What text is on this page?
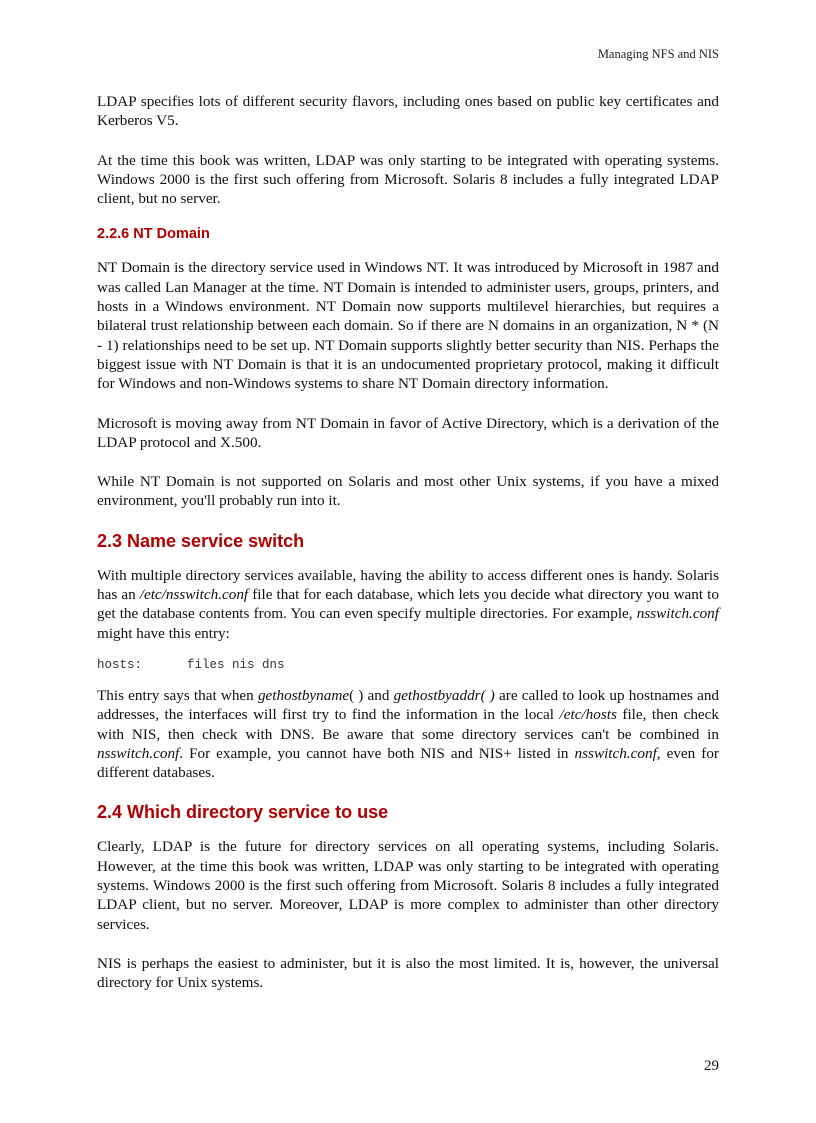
Managing NFS and NIS

LDAP specifies lots of different security flavors, including ones based on public key certificates and Kerberos V5.

At the time this book was written, LDAP was only starting to be integrated with operating systems. Windows 2000 is the first such offering from Microsoft. Solaris 8 includes a fully integrated LDAP client, but no server.

2.2.6 NT Domain

NT Domain is the directory service used in Windows NT. It was introduced by Microsoft in 1987 and was called Lan Manager at the time. NT Domain is intended to administer users, groups, printers, and hosts in a Windows environment. NT Domain now supports multilevel hierarchies, but requires a bilateral trust relationship between each domain. So if there are N domains in an organization, N * (N - 1) relationships need to be set up. NT Domain supports slightly better security than NIS. Perhaps the biggest issue with NT Domain is that it is an undocumented proprietary protocol, making it difficult for Windows and non-Windows systems to share NT Domain directory information.

Microsoft is moving away from NT Domain in favor of Active Directory, which is a derivation of the LDAP protocol and X.500.

While NT Domain is not supported on Solaris and most other Unix systems, if you have a mixed environment, you'll probably run into it.

2.3 Name service switch

With multiple directory services available, having the ability to access different ones is handy. Solaris has an /etc/nsswitch.conf file that for each database, which lets you decide what directory you want to get the database contents from. You can even specify multiple directories. For example, nsswitch.conf might have this entry:

hosts:      files nis dns

This entry says that when gethostbyname( ) and gethostbyaddr( ) are called to look up hostnames and addresses, the interfaces will first try to find the information in the local /etc/hosts file, then check with NIS, then check with DNS. Be aware that some directory services can't be combined in nsswitch.conf. For example, you cannot have both NIS and NIS+ listed in nsswitch.conf, even for different databases.

2.4 Which directory service to use

Clearly, LDAP is the future for directory services on all operating systems, including Solaris. However, at the time this book was written, LDAP was only starting to be integrated with operating systems. Windows 2000 is the first such offering from Microsoft. Solaris 8 includes a fully integrated LDAP client, but no server. Moreover, LDAP is more complex to administer than other directory services.

NIS is perhaps the easiest to administer, but it is also the most limited. It is, however, the universal directory for Unix systems.

29
